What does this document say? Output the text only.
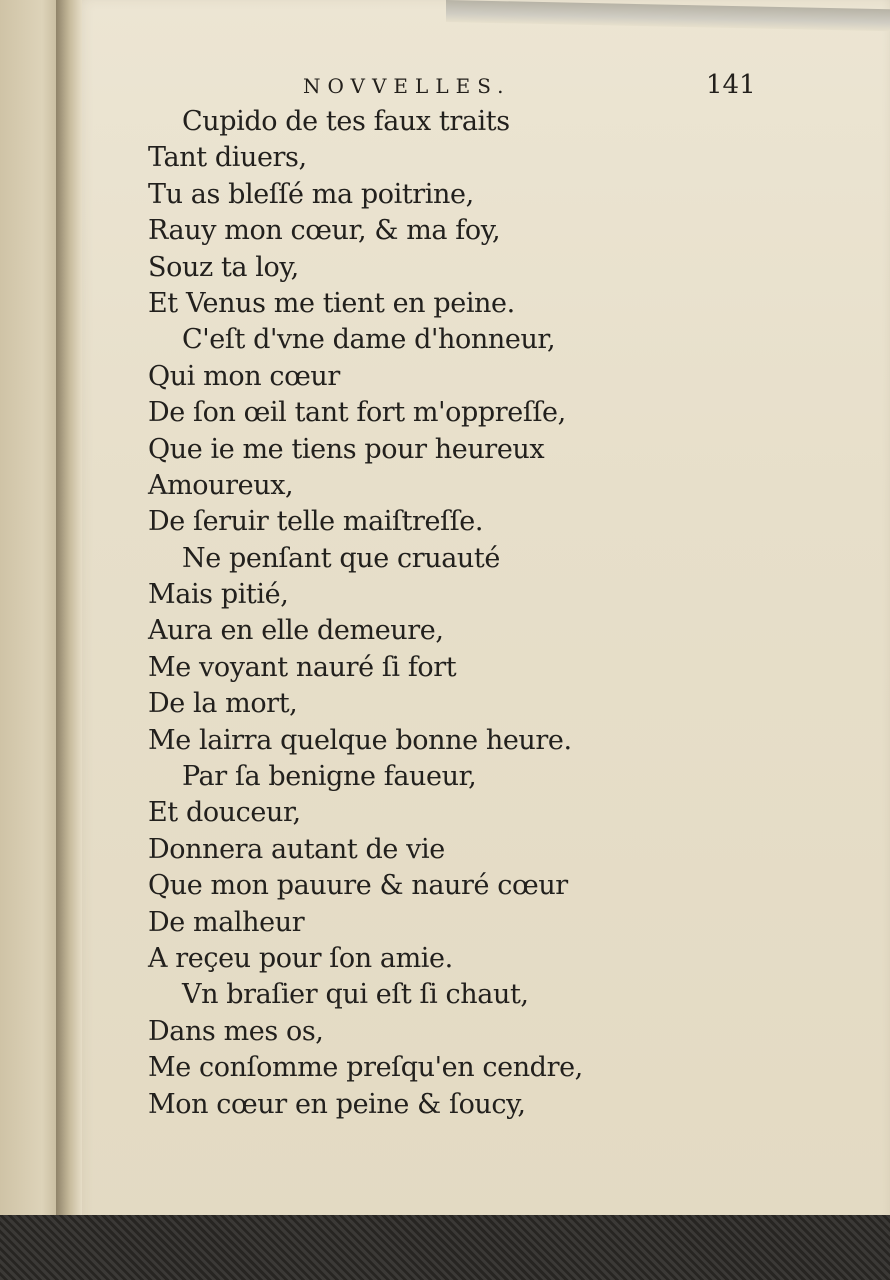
NOVVELLES.	141
Cupido de tes faux traits
Tant diuers,
Tu as bleſſé ma poitrine,
Rauy mon cœur, & ma foy,
Souz ta loy,
Et Venus me tient en peine.
C'eſt d'vne dame d'honneur,
Qui mon cœur
De ſon œil tant fort m'oppreſſe,
Que ie me tiens pour heureux
Amoureux,
De ſeruir telle maiſtreſſe.
Ne penſant que cruauté
Mais pitié,
Aura en elle demeure,
Me voyant nauré ſi fort
De la mort,
Me lairra quelque bonne heure.
Par ſa benigne faueur,
Et douceur,
Donnera autant de vie
Que mon pauure & nauré cœur
De malheur
A reçeu pour ſon amie.
Vn braſier qui eſt ſi chaut,
Dans mes os,
Me conſomme preſqu'en cendre,
Mon cœur en peine & ſoucy,
